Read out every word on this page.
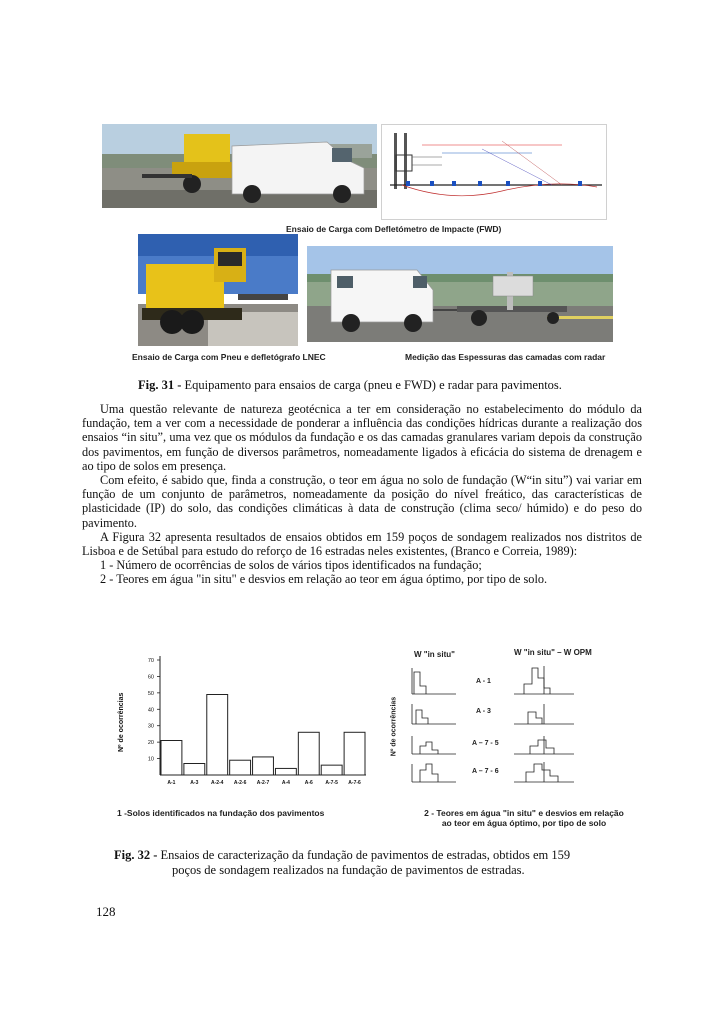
Ensaio de Carga com Defletómetro de Impacte (FWD)
Ensaio de Carga com Pneu e defletógrafo LNEC	Medição das Espessuras das camadas com radar
Fig. 31 - Equipamento para ensaios de carga (pneu e FWD) e radar para pavimentos.

Uma questão relevante de natureza geotécnica a ter em consideração no estabelecimento do módulo da fundação, tem a ver com a necessidade de ponderar a influência das condições hídricas durante a realização dos ensaios “in situ”, uma vez que os módulos da fundação e os das camadas granulares variam depois da construção dos pavimentos, em função de diversos parâmetros, nomeadamente ligados à eficácia do sistema de drenagem e ao tipo de solos em presença.

Com efeito, é sabido que, finda a construção, o teor em água no solo de fundação (W“in situ”) vai variar em função de um conjunto de parâmetros, nomeadamente da posição do nível freático, das características de plasticidade (IP) do solo, das condições climáticas à data de construção (clima seco/ húmido) e do peso do pavimento.

A Figura 32 apresenta resultados de ensaios obtidos em 159 poços de sondagem realizados nos distritos de Lisboa e de Setúbal para estudo do reforço de 16 estradas neles existentes, (Branco e Correia, 1989):

1 - Número de ocorrências de solos de vários tipos identificados na fundação;

2 - Teores em água "in situ" e desvios em relação ao teor em água óptimo, por tipo de solo.

A-1	A-3	A-2-4 A-2-6 A-2-7	A-4	A-6	A-7-5 A-7-6
10
20
30
40
50
60
70
Nº de ocorrências
1 -Solos identificados na fundação dos pavimentos
W "in situ"	W "in situ" – W OPM
Nº de ocorrências
A - 1
A - 3
A – 7 - 5
A – 7 - 6
2 - Teores em água "in situ" e desvios em relação
ao teor em água óptimo, por tipo de solo
Fig. 32 - Ensaios de caracterização da fundação de pavimentos de estradas, obtidos em 159
poços de sondagem realizados na fundação de pavimentos de estradas.
128
